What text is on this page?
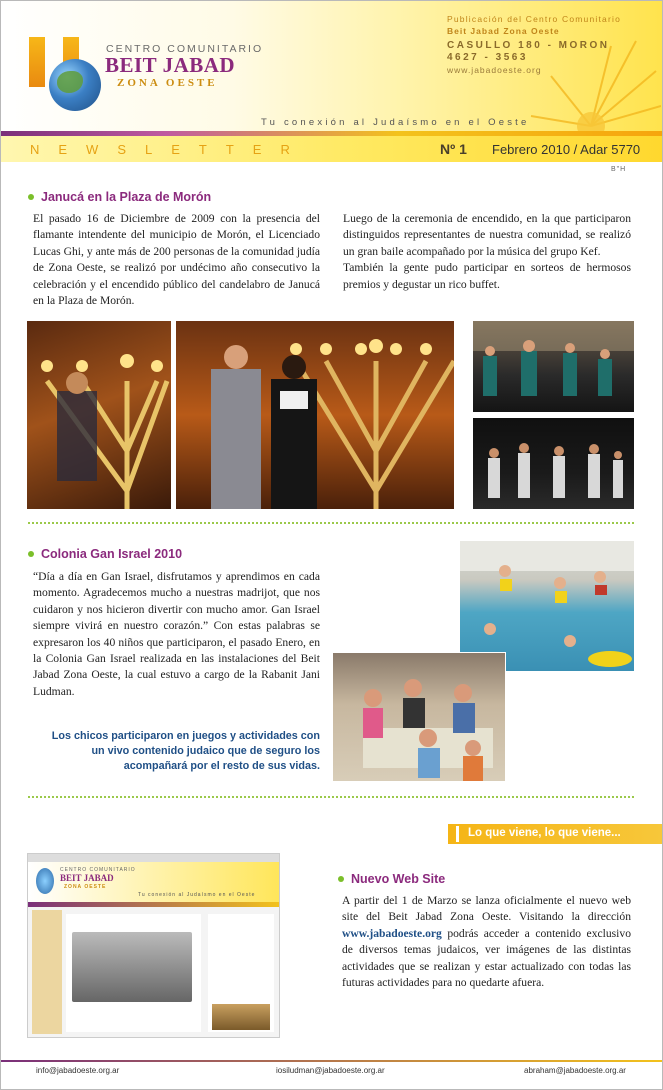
CENTRO COMUNITARIO
BEIT JABAD
ZONA OESTE
Publicación del Centro Comunitario
Beit Jabad Zona Oeste
CASULLO 180 - MORON
4627 - 3563
www.jabadoeste.org
Tu conexión al Judaísmo en el Oeste
NEWSLETTER	Nº 1 Febrero 2010 / Adar 5770
B"H
Janucá en la Plaza de Morón

El pasado 16 de Diciembre de 2009 con la presencia del flamante intendente del municipio de Morón, el Licenciado Lucas Ghi, y ante más de 200 personas de la comunidad judía de Zona Oeste, se realizó por undécimo año consecutivo la celebración y el encendido público del candelabro de Janucá en la Plaza de Morón.

Luego de la ceremonia de encendido, en la que participaron distinguidos representantes de nuestra comunidad, se realizó un gran baile acompañado por la música del grupo Kef.

También la gente pudo participar en sorteos de hermosos premios y degustar un rico buffet.

Colonia Gan Israel 2010

“Día a día en Gan Israel, disfrutamos y aprendimos en cada momento. Agradecemos mucho a nuestras madrijot, que nos cuidaron y nos hicieron divertir con mucho amor. Gan Israel siempre vivirá en nuestro corazón.” Con estas palabras se expresaron los 40 niños que participaron, el pasado Enero, en la Colonia Gan Israel realizada en las instalaciones del Beit Jabad Zona Oeste, la cual estuvo a cargo de la Rabanit Jani Ludman.

Los chicos participaron en juegos y actividades con un vivo contenido judaico que de seguro los acompañará por el resto de sus vidas.
Lo que viene, lo que viene...
CENTRO COMUNITARIO
BEIT JABAD
ZONA OESTE
Tu conexión al Judaísmo en el Oeste
Nuevo Web Site

A partir del 1 de Marzo se lanza oficialmente el nuevo web site del Beit Jabad Zona Oeste. Visitando la dirección www.jabadoeste.org podrás acceder a contenido exclusivo de diversos temas judaicos, ver imágenes de las distintas actividades que se realizan y estar actualizado con todas las futuras actividades para no quedarte afuera.

info@jabadoeste.org.ar	iosiludman@jabadoeste.org.ar	abraham@jabadoeste.org.ar
